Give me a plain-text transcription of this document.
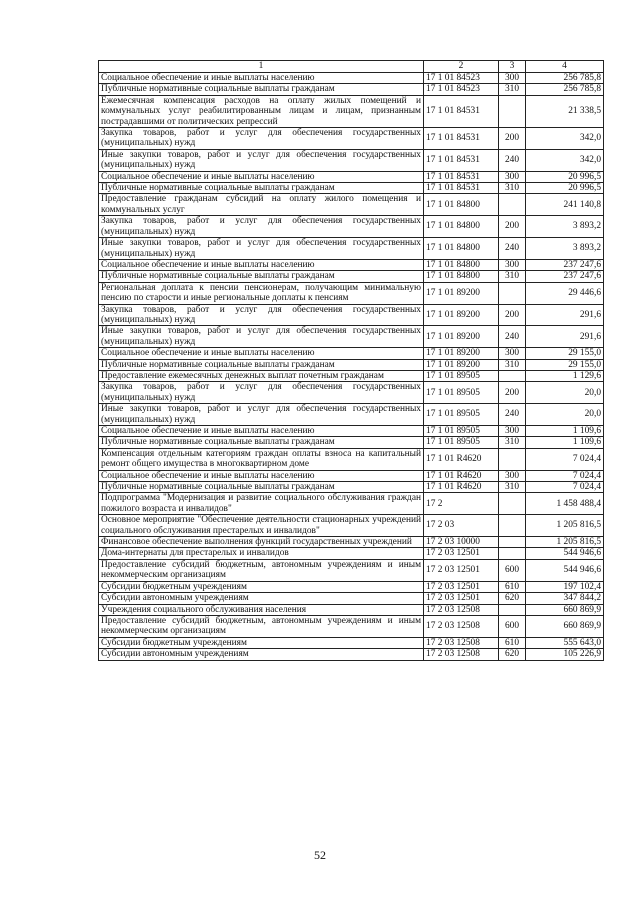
1	2	3	4
Социальное обеспечение и иные выплаты населению	17 1 01 84523	300	256 785,8
Публичные нормативные социальные выплаты гражданам	17 1 01 84523	310	256 785,8
Ежемесячная компенсация расходов на оплату жилых помещений и коммунальных услуг реабилитированным лицам и лицам, признанным пострадавшими от политических репрессий	17 1 01 84531		21 338,5
Закупка товаров, работ и услуг для обеспечения государственных (муниципальных) нужд	17 1 01 84531	200	342,0
Иные закупки товаров, работ и услуг для обеспечения государственных (муниципальных) нужд	17 1 01 84531	240	342,0
Социальное обеспечение и иные выплаты населению	17 1 01 84531	300	20 996,5
Публичные нормативные социальные выплаты гражданам	17 1 01 84531	310	20 996,5
Предоставление гражданам субсидий на оплату жилого помещения и коммунальных услуг	17 1 01 84800		241 140,8
Закупка товаров, работ и услуг для обеспечения государственных (муниципальных) нужд	17 1 01 84800	200	3 893,2
Иные закупки товаров, работ и услуг для обеспечения государственных (муниципальных) нужд	17 1 01 84800	240	3 893,2
Социальное обеспечение и иные выплаты населению	17 1 01 84800	300	237 247,6
Публичные нормативные социальные выплаты гражданам	17 1 01 84800	310	237 247,6
Региональная доплата к пенсии пенсионерам, получающим минимальную пенсию по старости и иные региональные доплаты к пенсиям	17 1 01 89200		29 446,6
Закупка товаров, работ и услуг для обеспечения государственных (муниципальных) нужд	17 1 01 89200	200	291,6
Иные закупки товаров, работ и услуг для обеспечения государственных (муниципальных) нужд	17 1 01 89200	240	291,6
Социальное обеспечение и иные выплаты населению	17 1 01 89200	300	29 155,0
Публичные нормативные социальные выплаты гражданам	17 1 01 89200	310	29 155,0
Предоставление ежемесячных денежных выплат почетным гражданам	17 1 01 89505		1 129,6
Закупка товаров, работ и услуг для обеспечения государственных (муниципальных) нужд	17 1 01 89505	200	20,0
Иные закупки товаров, работ и услуг для обеспечения государственных (муниципальных) нужд	17 1 01 89505	240	20,0
Социальное обеспечение и иные выплаты населению	17 1 01 89505	300	1 109,6
Публичные нормативные социальные выплаты гражданам	17 1 01 89505	310	1 109,6
Компенсация отдельным категориям граждан оплаты взноса на капитальный ремонт общего имущества в многоквартирном доме	17 1 01 R4620		7 024,4
Социальное обеспечение и иные выплаты населению	17 1 01 R4620	300	7 024,4
Публичные нормативные социальные выплаты гражданам	17 1 01 R4620	310	7 024,4
Подпрограмма "Модернизация и развитие социального обслуживания граждан пожилого возраста и инвалидов"	17 2		1 458 488,4
Основное мероприятие "Обеспечение деятельности стационарных учреждений социального обслуживания престарелых и инвалидов"	17 2 03		1 205 816,5
Финансовое обеспечение выполнения функций государственных учреждений	17 2 03 10000		1 205 816,5
Дома-интернаты для престарелых и инвалидов	17 2 03 12501		544 946,6
Предоставление субсидий бюджетным, автономным учреждениям и иным некоммерческим организациям	17 2 03 12501	600	544 946,6
Субсидии бюджетным учреждениям	17 2 03 12501	610	197 102,4
Субсидии автономным учреждениям	17 2 03 12501	620	347 844,2
Учреждения социального обслуживания населения	17 2 03 12508		660 869,9
Предоставление субсидий бюджетным, автономным учреждениям и иным некоммерческим организациям	17 2 03 12508	600	660 869,9
Субсидии бюджетным учреждениям	17 2 03 12508	610	555 643,0
Субсидии автономным учреждениям	17 2 03 12508	620	105 226,9
52
